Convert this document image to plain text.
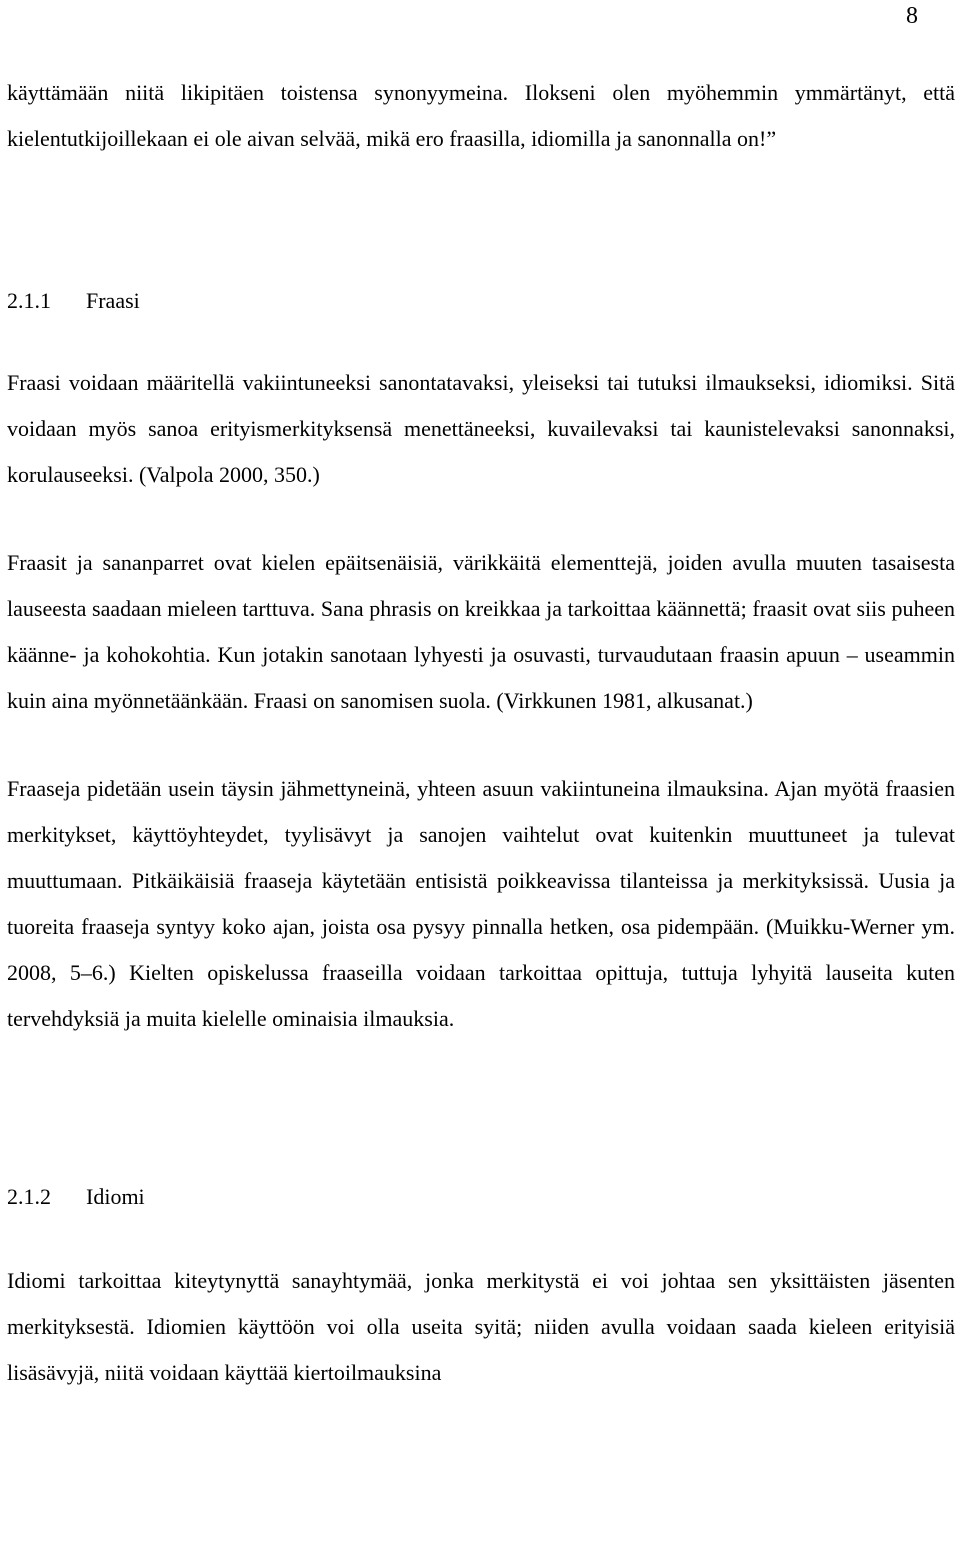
8

käyttämään niitä likipitäen toistensa synonyymeina. Ilokseni olen myöhemmin ymmärtänyt, että kielentutkijoillekaan ei ole aivan selvää, mikä ero fraasilla, idiomilla ja sanonnalla on!”

2.1.1	Fraasi

Fraasi voidaan määritellä vakiintuneeksi sanontatavaksi, yleiseksi tai tutuksi ilmaukseksi, idiomiksi. Sitä voidaan myös sanoa erityismerkityksensä menettäneeksi, kuvailevaksi tai kaunistelevaksi sanonnaksi, korulauseeksi. (Valpola 2000, 350.)

Fraasit ja sananparret ovat kielen epäitsenäisiä, värikkäitä elementtejä, joiden avulla muuten tasaisesta lauseesta saadaan mieleen tarttuva. Sana phrasis on kreikkaa ja tarkoittaa käännettä; fraasit ovat siis puheen käänne- ja kohokohtia. Kun jotakin sanotaan lyhyesti ja osuvasti, turvaudutaan fraasin apuun – useammin kuin aina myönnetäänkään. Fraasi on sanomisen suola. (Virkkunen 1981, alkusanat.)

Fraaseja pidetään usein täysin jähmettyneinä, yhteen asuun vakiintuneina ilmauksina. Ajan myötä fraasien merkitykset, käyttöyhteydet, tyylisävyt ja sanojen vaihtelut ovat kuitenkin muuttuneet ja tulevat muuttumaan. Pitkäikäisiä fraaseja käytetään entisistä poikkeavissa tilanteissa ja merkityksissä. Uusia ja tuoreita fraaseja syntyy koko ajan, joista osa pysyy pinnalla hetken, osa pidempään. (Muikku-Werner ym. 2008, 5–6.) Kielten opiskelussa fraaseilla voidaan tarkoittaa opittuja, tuttuja lyhyitä lauseita kuten tervehdyksiä ja muita kielelle ominaisia ilmauksia.

2.1.2	Idiomi

Idiomi tarkoittaa kiteytynyttä sanayhtymää, jonka merkitystä ei voi johtaa sen yksittäisten jäsenten merkityksestä. Idiomien käyttöön voi olla useita syitä; niiden avulla voidaan saada kieleen erityisiä lisäsävyjä, niitä voidaan käyttää kiertoilmauksina
